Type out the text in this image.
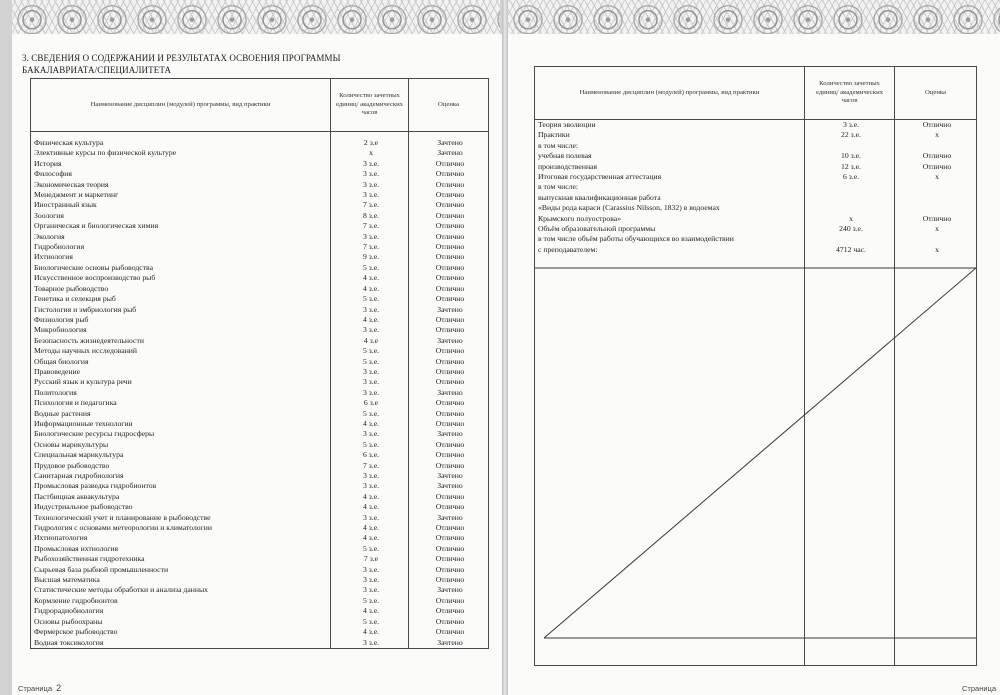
3. СВЕДЕНИЯ О СОДЕРЖАНИИ И РЕЗУЛЬТАТАХ ОСВОЕНИЯ ПРОГРАММЫ БАКАЛАВРИАТА/СПЕЦИАЛИТЕТА
Наименование дисциплин (модулей) программы, вид практики	Количество зачетных единиц/ академических часов	Оценка

Физическая культура	2 з.е	Зачтено
Элективные курсы по физической культуре	х	Зачтено
История	3 з.е.	Отлично
Философия	3 з.е.	Отлично
Экономическая теория	3 з.е.	Отлично
Менеджмент и маркетинг	3 з.е.	Отлично
Иностранный язык	7 з.е.	Отлично
Зоология	8 з.е.	Отлично
Органическая и биологическая химия	7 з.е.	Отлично
Экология	3 з.е.	Отлично
Гидробиология	7 з.е.	Отлично
Ихтиология	9 з.е.	Отлично
Биологические основы рыбоводства	5 з.е.	Отлично
Искусственное воспроизводство рыб	4 з.е.	Отлично
Товарное рыбоводство	4 з.е.	Отлично
Генетика и селекция рыб	5 з.е.	Отлично
Гистология и эмбриология рыб	3 з.е.	Зачтено
Физиология рыб	4 з.е.	Отлично
Микробиология	3 з.е.	Отлично
Безопасность жизнедеятельности	4 з.е	Зачтено
Методы научных исследований	5 з.е.	Отлично
Общая биология	5 з.е.	Отлично
Правоведение	3 з.е.	Отлично
Русский язык и культура речи	3 з.е.	Отлично
Политология	3 з.е.	Зачтено
Психология и педагогика	6 з.е	Отлично
Водные растения	5 з.е.	Отлично
Информационные технологии	4 з.е.	Отлично
Биологические ресурсы гидросферы	3 з.е.	Зачтено
Основы марикультуры	5 з.е.	Отлично
Специальная марикультура	6 з.е.	Отлично
Прудовое рыбоводство	7 з.е.	Отлично
Санитарная гидробиология	3 з.е.	Зачтено
Промысловая разведка гидробионтов	3 з.е.	Зачтено
Пастбищная аквакультура	4 з.е.	Отлично
Индустриальное рыбоводство	4 з.е.	Отлично
Технологический учет и планирование в рыбоводстве	3 з.е.	Зачтено
Гидрология с основами метеорологии и климатологии	4 з.е.	Отлично
Ихтиопатология	4 з.е.	Отлично
Промысловая ихтиология	5 з.е.	Отлично
Рыбохозяйственная гидротехника	7 з.е	Отлично
Сырьевая база рыбной промышленности	3 з.е.	Отлично
Высшая математика	3 з.е.	Отлично
Статистические методы обработки и анализа данных	3 з.е.	Зачтено
Кормление гидробионтов	5 з.е.	Отлично
Гидрорадиобиология	4 з.е.	Отлично
Основы рыбоохраны	5 з.е.	Отлично
Фермерское рыбоводство	4 з.е.	Отлично
Водная токсикология	3 з.е.	Зачтено
Наименование дисциплин (модулей) программы, вид практики	Количество зачетных единиц/ академических часов	Оценка
Теория эволюции	3 з.е.	Отлично
Практики	22 з.е.	х
в том числе:		
учебная полевая	10 з.е.	Отлично
производственная	12 з.е.	Отлично
Итоговая государственная аттестация	6 з.е.	х
в том числе:		
выпускная квалификационная работа		
«Виды рода караси (Carassius Nilsson, 1832) в водоемах		
Крымского полуострова»	х	Отлично
Объём образовательной программы	240 з.е.	х
в том числе объём работы обучающихся во взаимодействии		
с преподавателем:	4712 час.	х

Страница 2	Страница
